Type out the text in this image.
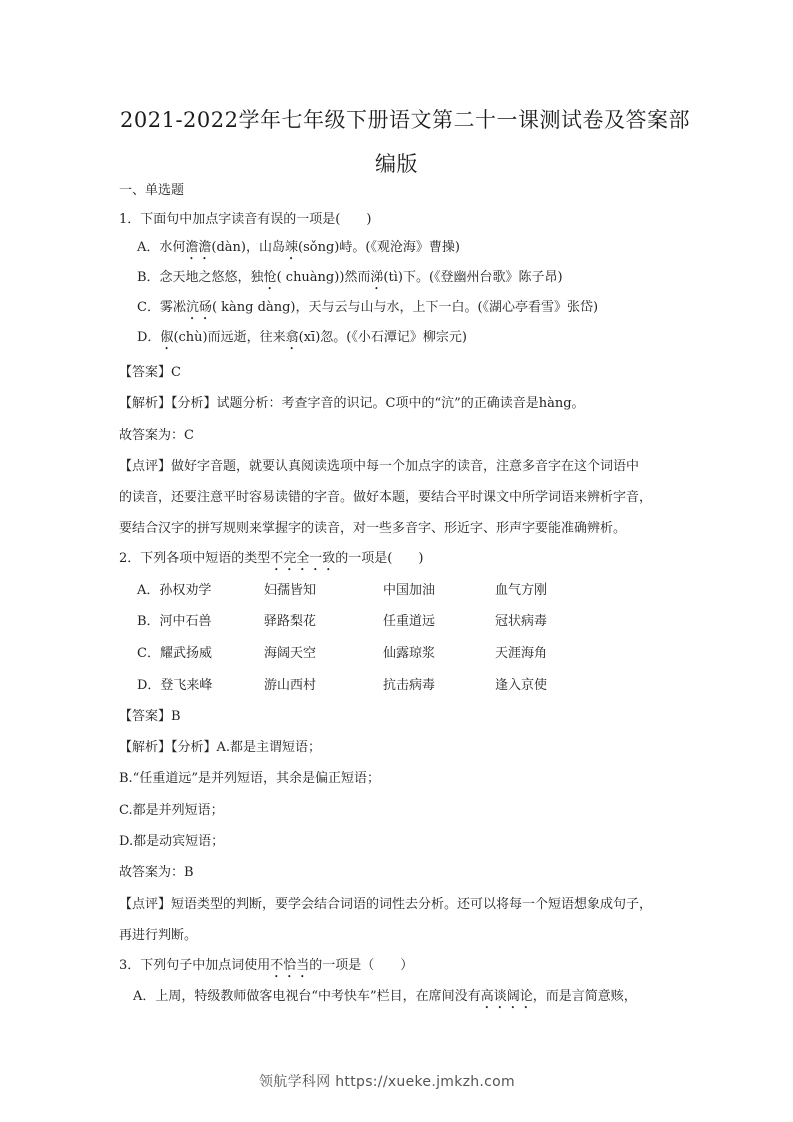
2021-2022学年七年级下册语文第二十一课测试卷及答案部
编版
一、单选题
1．下面句中加点字读音有误的一项是(　　)
A．水何澹澹(dàn)，山岛竦(sǒng)峙。(《观沧海》曹操)
B．念天地之悠悠，独怆( chuàng))然而涕(tì)下。(《登幽州台歌》陈子昂)
C．雾凇沆砀( kàng dàng)，天与云与山与水，上下一白。(《湖心亭看雪》张岱)
D．俶(chù)而远逝，往来翕(xī)忽。(《小石潭记》柳宗元)
【答案】C
【解析】【分析】试题分析：考查字音的识记。C项中的“沆”的正确读音是hàng。
故答案为：C
【点评】做好字音题，就要认真阅读选项中每一个加点字的读音，注意多音字在这个词语中
的读音，还要注意平时容易读错的字音。做好本题，要结合平时课文中所学词语来辨析字音，
要结合汉字的拼写规则来掌握字的读音，对一些多音字、形近字、形声字要能准确辨析。
2．下列各项中短语的类型不完全一致的一项是(　　)
A．孙权劝学	妇孺皆知	中国加油	血气方刚
B．河中石兽	驿路梨花	任重道远	冠状病毒
C．耀武扬威	海阔天空	仙露琼浆	天涯海角
D．登飞来峰	游山西村	抗击病毒	逢入京使
【答案】B
【解析】【分析】A.都是主谓短语；
B.“任重道远”是并列短语，其余是偏正短语；
C.都是并列短语；
D.都是动宾短语；
故答案为：B
【点评】短语类型的判断，要学会结合词语的词性去分析。还可以将每一个短语想象成句子，
再进行判断。
3．下列句子中加点词使用不恰当的一项是（　　）
A．上周，特级教师做客电视台“中考快车”栏目，在席间没有高谈阔论，而是言简意赅，
领航学科网 https://xueke.jmkzh.com
